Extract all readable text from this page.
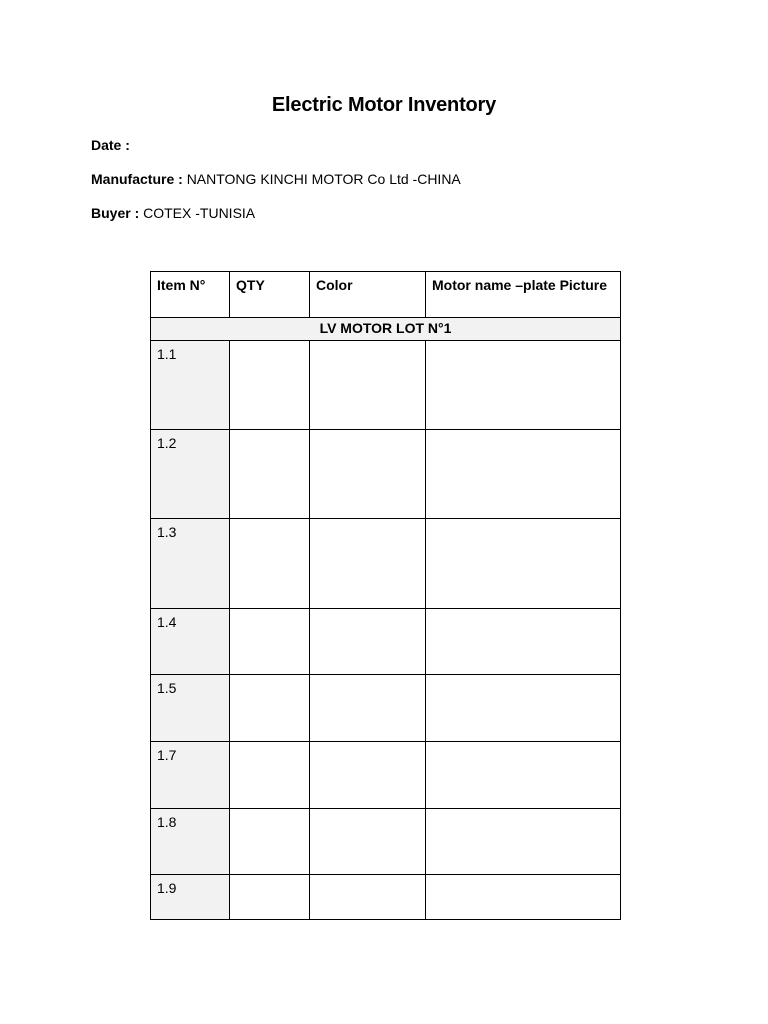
Electric Motor Inventory
Date :
Manufacture : NANTONG KINCHI MOTOR Co Ltd -CHINA
Buyer : COTEX -TUNISIA
Item N°	QTY	Color	Motor name –plate Picture
LV MOTOR LOT N°1			
1.1			
1.2			
1.3			
1.4			
1.5			
1.7			
1.8			
1.9			
